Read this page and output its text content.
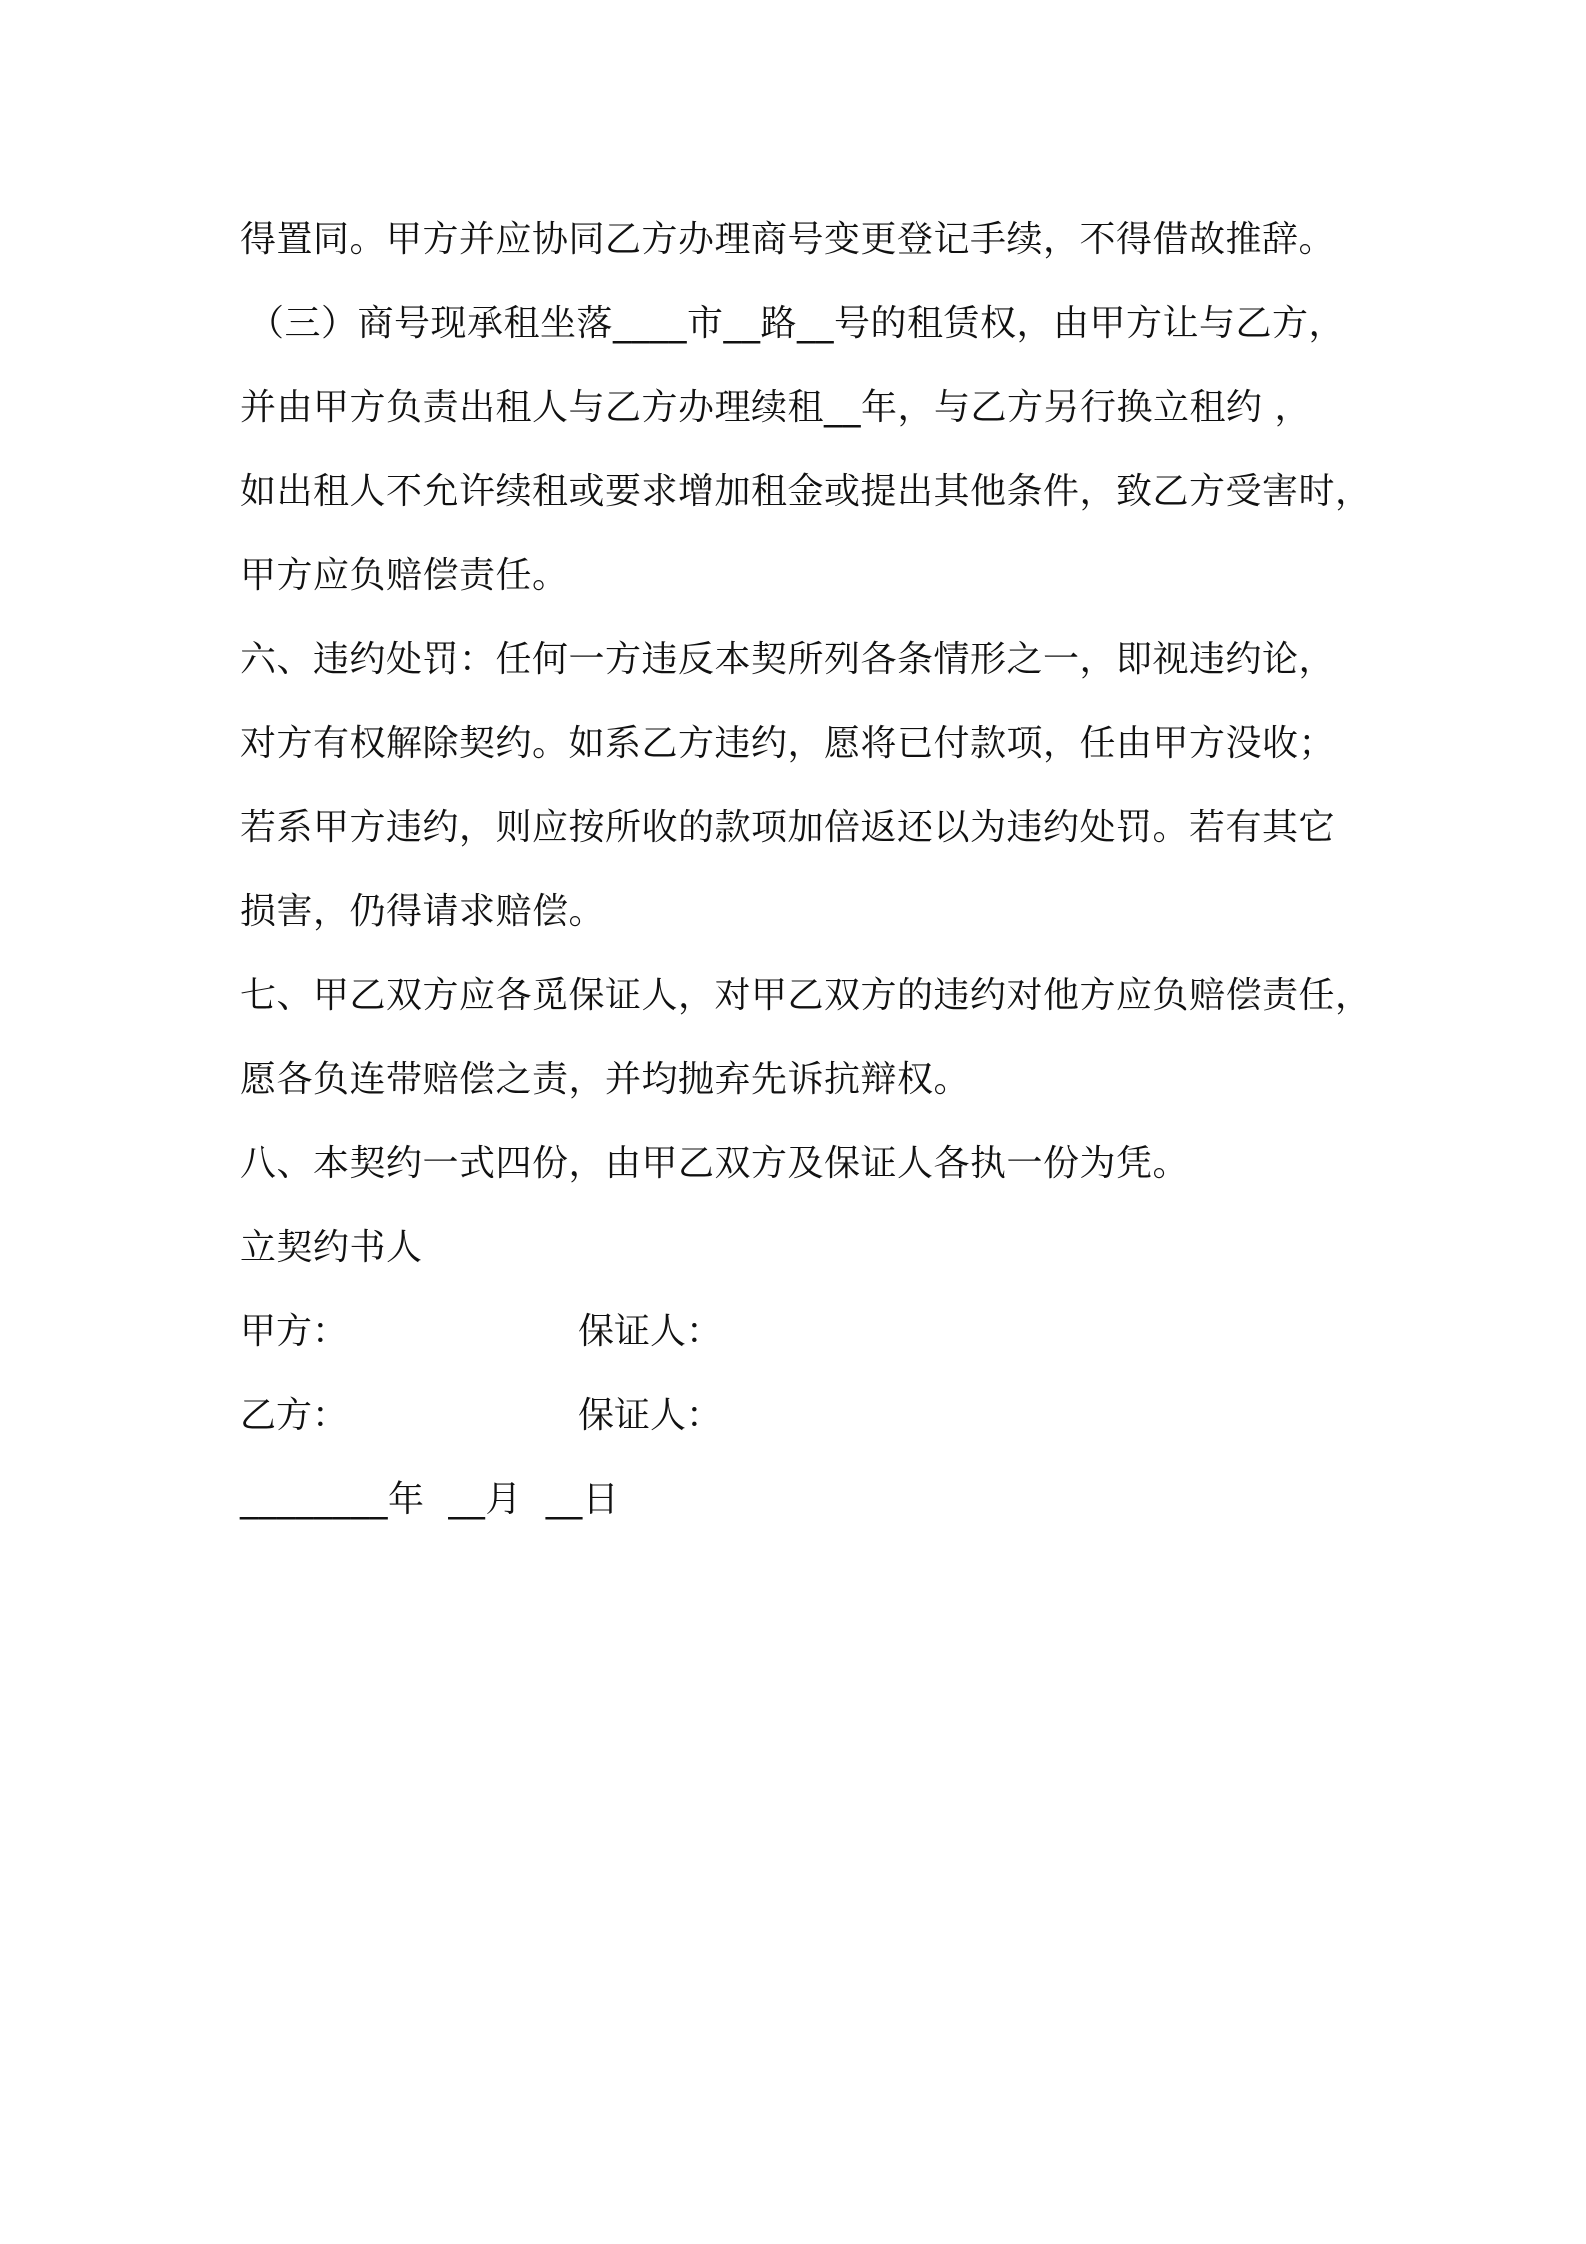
得置同。甲方并应协同乙方办理商号变更登记手续，不得借故推辞。
（三）商号现承租坐落____市__路__号的租赁权，由甲方让与乙方，
并由甲方负责出租人与乙方办理续租__年，与乙方另行换立租约 ，
如出租人不允许续租或要求增加租金或提出其他条件，致乙方受害时，
甲方应负赔偿责任。
六、违约处罚：任何一方违反本契所列各条情形之一，即视违约论，
对方有权解除契约。如系乙方违约，愿将已付款项，任由甲方没收；
若系甲方违约，则应按所收的款项加倍返还以为违约处罚。若有其它
损害，仍得请求赔偿。
七、甲乙双方应各觅保证人，对甲乙双方的违约对他方应负赔偿责任，
愿各负连带赔偿之责，并均抛弃先诉抗辩权。
八、本契约一式四份，由甲乙双方及保证人各执一份为凭。
立契约书人
甲方：	保证人：
乙方：	保证人：
________年  __月  __日
